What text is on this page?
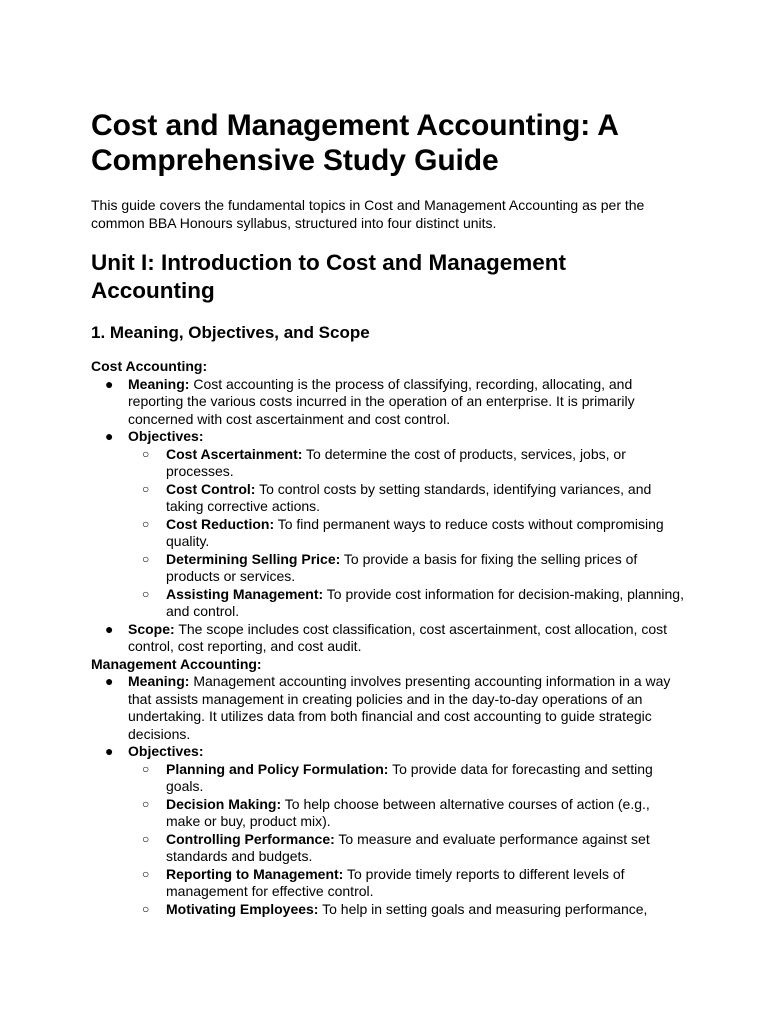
Cost and Management Accounting: A Comprehensive Study Guide

This guide covers the fundamental topics in Cost and Management Accounting as per the common BBA Honours syllabus, structured into four distinct units.

Unit I: Introduction to Cost and Management Accounting
1. Meaning, Objectives, and Scope

Cost Accounting:

● Meaning: Cost accounting is the process of classifying, recording, allocating, and reporting the various costs incurred in the operation of an enterprise. It is primarily concerned with cost ascertainment and cost control.
● Objectives:
○ Cost Ascertainment: To determine the cost of products, services, jobs, or processes.
○ Cost Control: To control costs by setting standards, identifying variances, and taking corrective actions.
○ Cost Reduction: To find permanent ways to reduce costs without compromising quality.
○ Determining Selling Price: To provide a basis for fixing the selling prices of products or services.
○ Assisting Management: To provide cost information for decision-making, planning, and control.
● Scope: The scope includes cost classification, cost ascertainment, cost allocation, cost control, cost reporting, and cost audit.

Management Accounting:

● Meaning: Management accounting involves presenting accounting information in a way that assists management in creating policies and in the day-to-day operations of an undertaking. It utilizes data from both financial and cost accounting to guide strategic decisions.
● Objectives:
○ Planning and Policy Formulation: To provide data for forecasting and setting goals.
○ Decision Making: To help choose between alternative courses of action (e.g., make or buy, product mix).
○ Controlling Performance: To measure and evaluate performance against set standards and budgets.
○ Reporting to Management: To provide timely reports to different levels of management for effective control.
○ Motivating Employees: To help in setting goals and measuring performance,
